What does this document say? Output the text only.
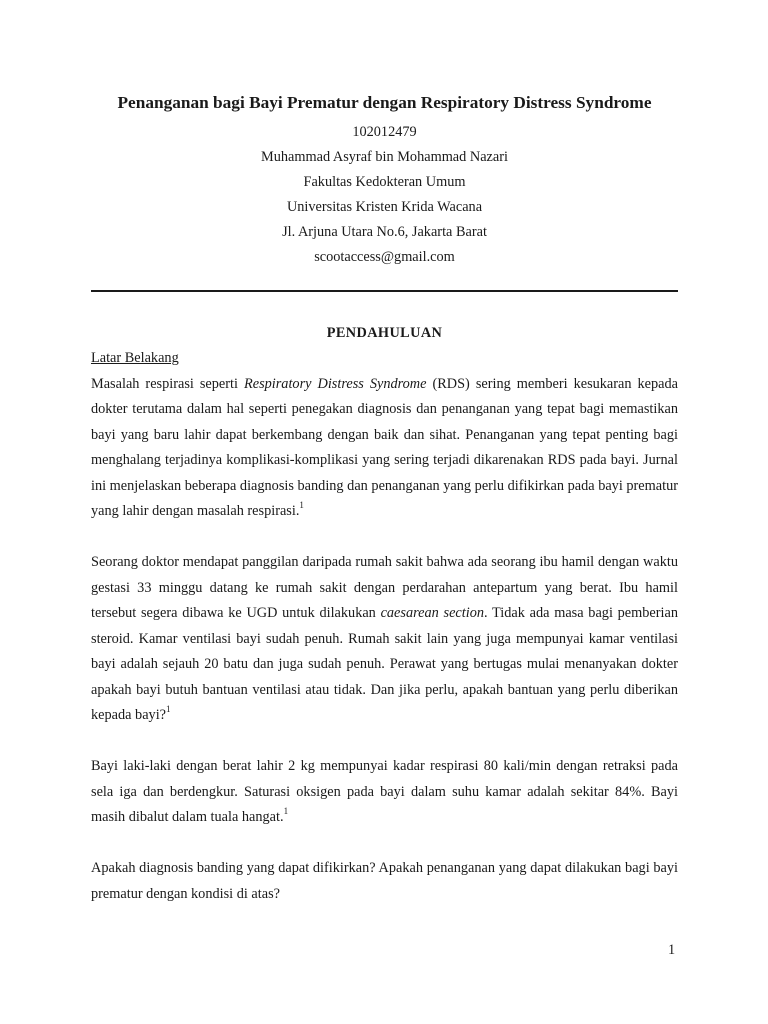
Penanganan bagi Bayi Prematur dengan Respiratory Distress Syndrome
102012479
Muhammad Asyraf bin Mohammad Nazari
Fakultas Kedokteran Umum
Universitas Kristen Krida Wacana
Jl. Arjuna Utara No.6, Jakarta Barat
scootaccess@gmail.com
PENDAHULUAN

Latar Belakang

Masalah respirasi seperti Respiratory Distress Syndrome (RDS) sering memberi kesukaran kepada dokter terutama dalam hal seperti penegakan diagnosis dan penanganan yang tepat bagi memastikan bayi yang baru lahir dapat berkembang dengan baik dan sihat. Penanganan yang tepat penting bagi menghalang terjadinya komplikasi-komplikasi yang sering terjadi dikarenakan RDS pada bayi. Jurnal ini menjelaskan beberapa diagnosis banding dan penanganan yang perlu difikirkan pada bayi prematur yang lahir dengan masalah respirasi.$^1$

Seorang doktor mendapat panggilan daripada rumah sakit bahwa ada seorang ibu hamil dengan waktu gestasi 33 minggu datang ke rumah sakit dengan perdarahan antepartum yang berat. Ibu hamil tersebut segera dibawa ke UGD untuk dilakukan caesarean section. Tidak ada masa bagi pemberian steroid. Kamar ventilasi bayi sudah penuh. Rumah sakit lain yang juga mempunyai kamar ventilasi bayi adalah sejauh 20 batu dan juga sudah penuh. Perawat yang bertugas mulai menanyakan dokter apakah bayi butuh bantuan ventilasi atau tidak. Dan jika perlu, apakah bantuan yang perlu diberikan kepada bayi?$^1$

Bayi laki-laki dengan berat lahir 2 kg mempunyai kadar respirasi 80 kali/min dengan retraksi pada sela iga dan berdengkur. Saturasi oksigen pada bayi dalam suhu kamar adalah sekitar 84%. Bayi masih dibalut dalam tuala hangat.$^1$

Apakah diagnosis banding yang dapat difikirkan? Apakah penanganan yang dapat dilakukan bagi bayi prematur dengan kondisi di atas?

1
